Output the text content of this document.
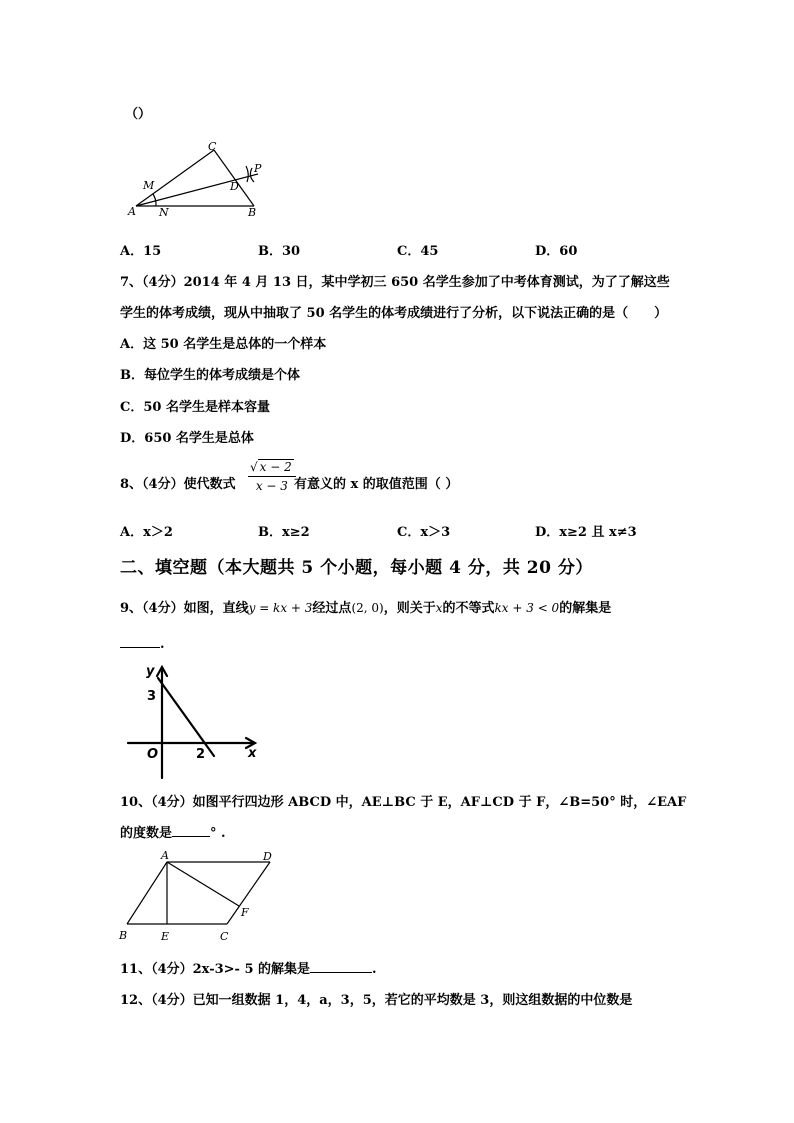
（）
C
P
D
M
A N	B
A．15	B．30	C．45	D．60
7、（4分）2014 年 4 月 13 日，某中学初三 650 名学生参加了中考体育测试，为了了解这些
学生的体考成绩，现从中抽取了 50 名学生的体考成绩进行了分析，以下说法正确的是（　　）
A．这 50 名学生是总体的一个样本
B．每位学生的体考成绩是个体
C．50 名学生是样本容量
D．650 名学生是总体
8、（4分）使代数式 $\frac{√ x - 2}{x - 3}$
有意义的 x 的取值范围（ ）
A．x＞2	B．x≥2	C．x＞3	D．x≥2 且 x≠3
二、填空题（本大题共 5 个小题，每小题 4 分，共 20 分）
9、（4分）如图，直线y = kx + 3经过点(2, 0)，则关于x的不等式kx + 3 < 0的解集是
.
y
3
O	2	x
10、（4分）如图平行四边形 ABCD 中，AE⊥BC 于 E，AF⊥CD 于 F，∠B=50° 时，∠EAF
的度数是	° .
A	D
F
B	E	C
11、（4分）2x-3>- 5 的解集是	.
12、（4分）已知一组数据 1，4，a，3，5，若它的平均数是 3，则这组数据的中位数是
